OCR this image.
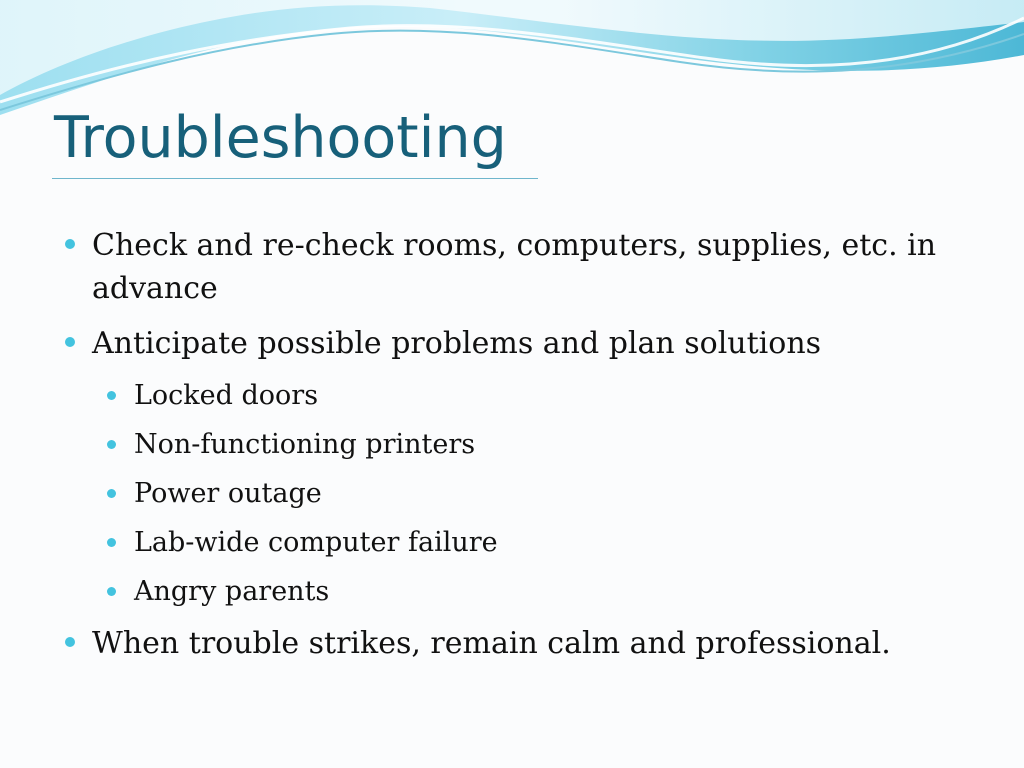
Troubleshooting
Check and re-check rooms, computers, supplies, etc. in advance
Anticipate possible problems and plan solutions
Locked doors
Non-functioning printers
Power outage
Lab-wide computer failure
Angry parents
When trouble strikes, remain calm and professional.
